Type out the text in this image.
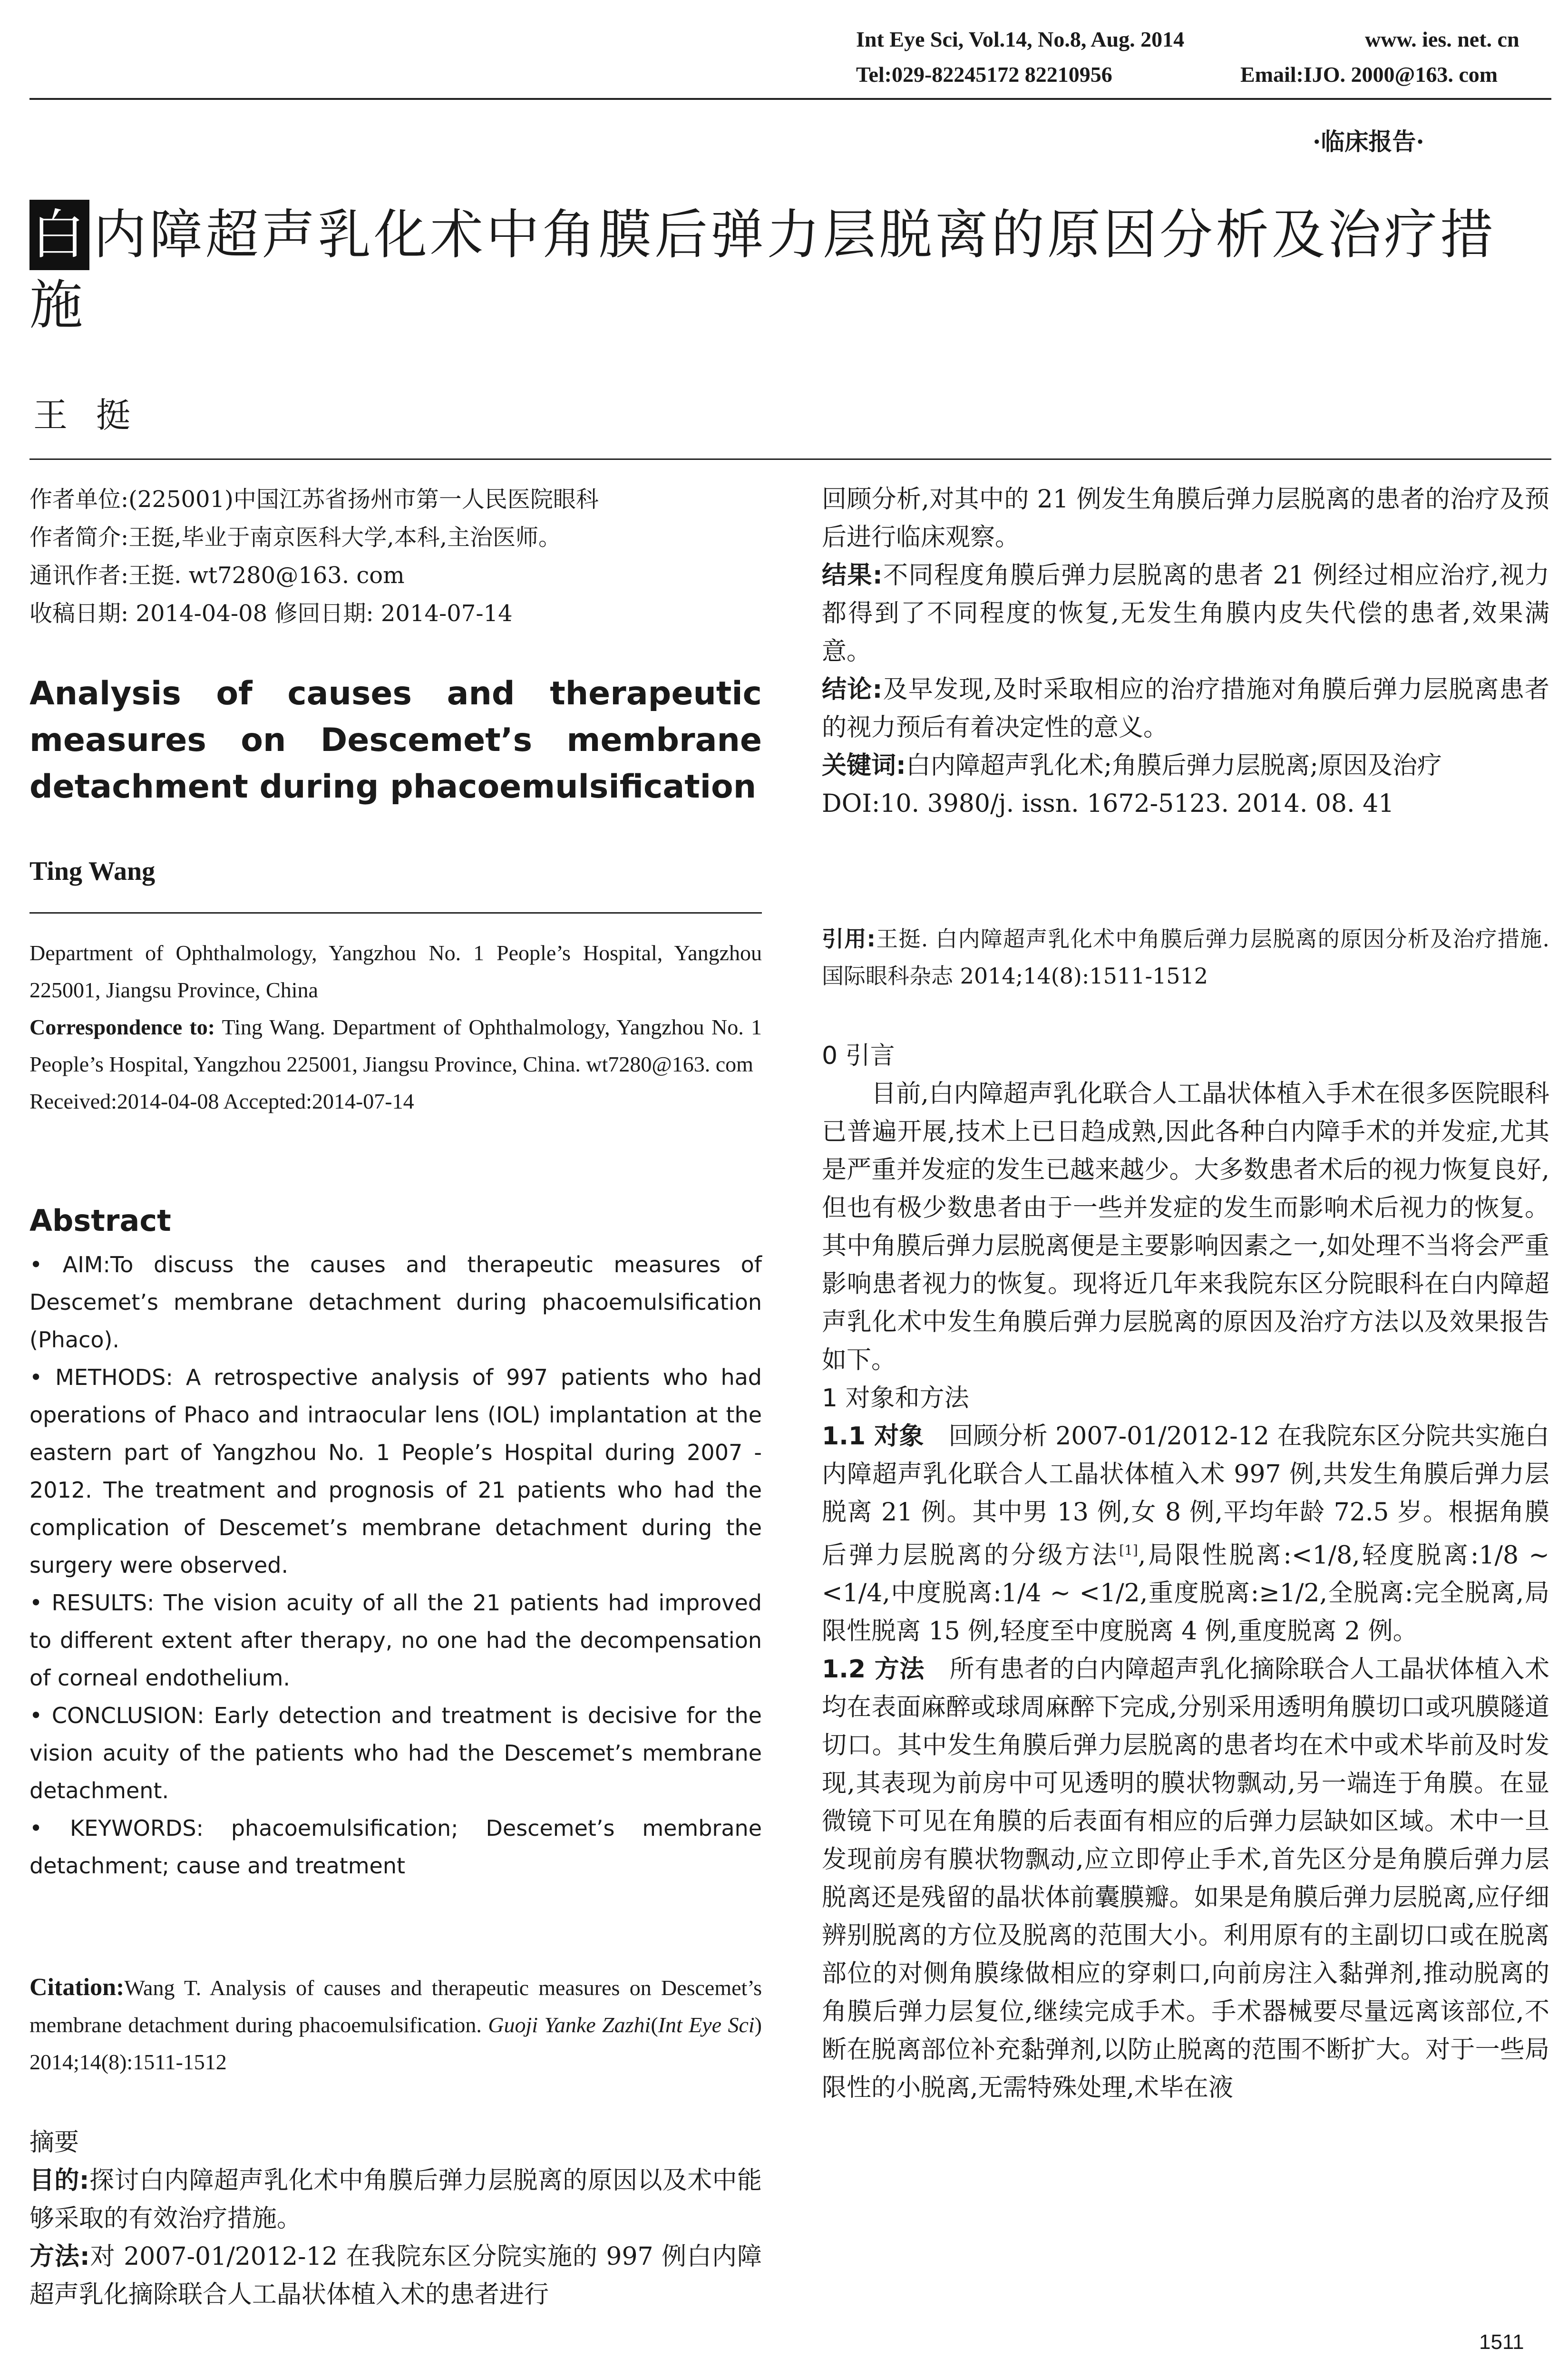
Int Eye Sci, Vol.14, No.8, Aug. 2014	www. ies. net. cn
Tel:029-82245172 82210956	Email:IJO. 2000@163. com
·临床报告·
白 内障超声乳化术中角膜后弹力层脱离的原因分析及治疗措施
王挺

作者单位:(225001)中国江苏省扬州市第一人民医院眼科

作者简介:王挺,毕业于南京医科大学,本科,主治医师。

通讯作者:王挺. wt7280@163. com

收稿日期: 2014-04-08 修回日期: 2014-07-14

Analysis of causes and therapeutic measures on Descemet’s membrane detachment during phacoemulsification

Ting Wang

Department of Ophthalmology, Yangzhou No. 1 People’s Hospital, Yangzhou 225001, Jiangsu Province, China

Correspondence to: Ting Wang. Department of Ophthalmology, Yangzhou No. 1 People’s Hospital, Yangzhou 225001, Jiangsu Province, China. wt7280@163. com

Received:2014-04-08 Accepted:2014-07-14

Abstract

• AIM:To discuss the causes and therapeutic measures of Descemet’s membrane detachment during phacoemulsification (Phaco).

• METHODS: A retrospective analysis of 997 patients who had operations of Phaco and intraocular lens (IOL) implantation at the eastern part of Yangzhou No. 1 People’s Hospital during 2007 - 2012. The treatment and prognosis of 21 patients who had the complication of Descemet’s membrane detachment during the surgery were observed.

• RESULTS: The vision acuity of all the 21 patients had improved to different extent after therapy, no one had the decompensation of corneal endothelium.

• CONCLUSION: Early detection and treatment is decisive for the vision acuity of the patients who had the Descemet’s membrane detachment.

• KEYWORDS: phacoemulsification; Descemet’s membrane detachment; cause and treatment

Citation:Wang T. Analysis of causes and therapeutic measures on Descemet’s membrane detachment during phacoemulsification. Guoji Yanke Zazhi(Int Eye Sci) 2014;14(8):1511-1512

摘要

目的:探讨白内障超声乳化术中角膜后弹力层脱离的原因以及术中能够采取的有效治疗措施。

方法:对 2007-01/2012-12 在我院东区分院实施的 997 例白内障超声乳化摘除联合人工晶状体植入术的患者进行

回顾分析,对其中的 21 例发生角膜后弹力层脱离的患者的治疗及预后进行临床观察。

结果:不同程度角膜后弹力层脱离的患者 21 例经过相应治疗,视力都得到了不同程度的恢复,无发生角膜内皮失代偿的患者,效果满意。

结论:及早发现,及时采取相应的治疗措施对角膜后弹力层脱离患者的视力预后有着决定性的意义。

关键词:白内障超声乳化术;角膜后弹力层脱离;原因及治疗

DOI:10. 3980/j. issn. 1672-5123. 2014. 08. 41

引用:王挺. 白内障超声乳化术中角膜后弹力层脱离的原因分析及治疗措施. 国际眼科杂志 2014;14(8):1511-1512

0 引言

目前,白内障超声乳化联合人工晶状体植入手术在很多医院眼科已普遍开展,技术上已日趋成熟,因此各种白内障手术的并发症,尤其是严重并发症的发生已越来越少。大多数患者术后的视力恢复良好,但也有极少数患者由于一些并发症的发生而影响术后视力的恢复。其中角膜后弹力层脱离便是主要影响因素之一,如处理不当将会严重影响患者视力的恢复。现将近几年来我院东区分院眼科在白内障超声乳化术中发生角膜后弹力层脱离的原因及治疗方法以及效果报告如下。

1 对象和方法

1.1 对象　 回顾分析 2007-01/2012-12 在我院东区分院共实施白内障超声乳化联合人工晶状体植入术 997 例,共发生角膜后弹力层脱离 21 例。其中男 13 例,女 8 例,平均年龄 72.5 岁。根据角膜后弹力层脱离的分级方法[1],局限性脱离:<1/8,轻度脱离:1/8 ~ <1/4,中度脱离:1/4 ~ <1/2,重度脱离:≥1/2,全脱离:完全脱离,局限性脱离 15 例,轻度至中度脱离 4 例,重度脱离 2 例。

1.2 方法　 所有患者的白内障超声乳化摘除联合人工晶状体植入术均在表面麻醉或球周麻醉下完成,分别采用透明角膜切口或巩膜隧道切口。其中发生角膜后弹力层脱离的患者均在术中或术毕前及时发现,其表现为前房中可见透明的膜状物飘动,另一端连于角膜。在显微镜下可见在角膜的后表面有相应的后弹力层缺如区域。术中一旦发现前房有膜状物飘动,应立即停止手术,首先区分是角膜后弹力层脱离还是残留的晶状体前囊膜瓣。如果是角膜后弹力层脱离,应仔细辨别脱离的方位及脱离的范围大小。利用原有的主副切口或在脱离部位的对侧角膜缘做相应的穿刺口,向前房注入黏弹剂,推动脱离的角膜后弹力层复位,继续完成手术。手术器械要尽量远离该部位,不断在脱离部位补充黏弹剂,以防止脱离的范围不断扩大。对于一些局限性的小脱离,无需特殊处理,术毕在液

1511
